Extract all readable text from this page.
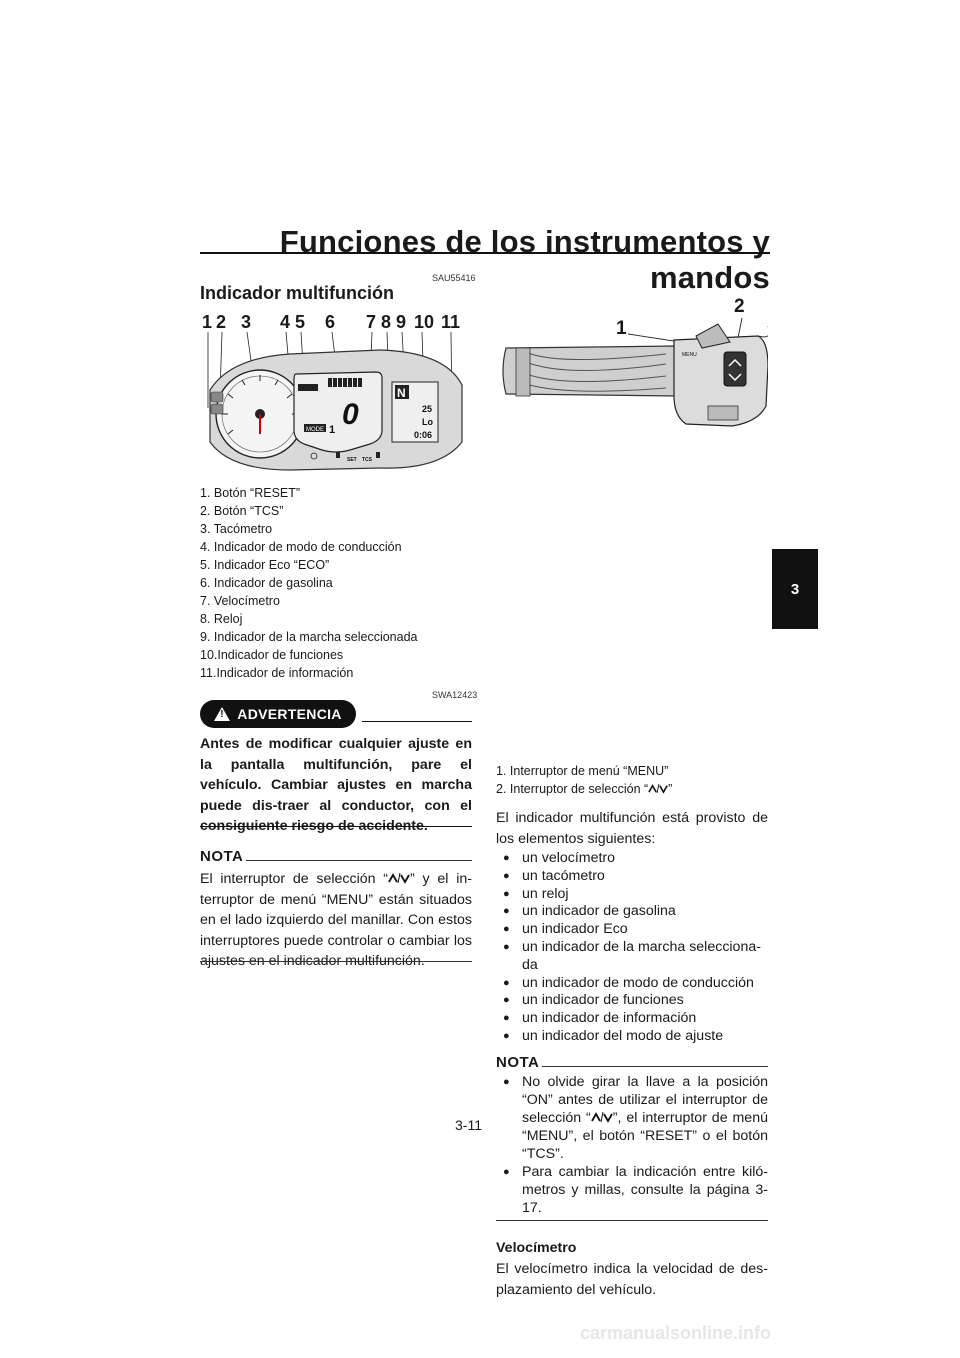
Funciones de los instrumentos y mandos
3
SAU55416
Indicador multifunción
1 2 3 4 5 6 7 8 9 10 11
0
MODE 1
N
25
Lo
0:06
SET TCS
1. Botón “RESET”
2. Botón “TCS”
3. Tacómetro
4. Indicador de modo de conducción
5. Indicador Eco “ECO”
6. Indicador de gasolina
7. Velocímetro
8. Reloj
9. Indicador de la marcha seleccionada
10.Indicador de funciones
11.Indicador de información
SWA12423
! ADVERTENCIA
Antes de modificar cualquier ajuste en la pantalla multifunción, pare el vehículo. Cambiar ajustes en marcha puede dis-traer al conductor, con el consiguiente riesgo de accidente.
NOTA
El interruptor de selección “ ” y el in-terruptor de menú “MENU” están situados en el lado izquierdo del manillar. Con estos interruptores puede controlar o cambiar los ajustes en el indicador multifunción.
1
2
MENU
1. Interruptor de menú “MENU”
2. Interruptor de selección “ ”
El indicador multifunción está provisto de los elementos siguientes:
● un velocímetro
● un tacómetro
● un reloj
● un indicador de gasolina
● un indicador Eco
● un indicador de la marcha selecciona-da
● un indicador de modo de conducción
● un indicador de funciones
● un indicador de información
● un indicador del modo de ajuste
NOTA
● No olvide girar la llave a la posición “ON” antes de utilizar el interruptor de selección “ ”, el interruptor de menú “MENU”, el botón “RESET” o el botón “TCS”.
● Para cambiar la indicación entre kiló-metros y millas, consulte la página 3-17.
Velocímetro
El velocímetro indica la velocidad de des-plazamiento del vehículo.
3-11
carmanualsonline.info
